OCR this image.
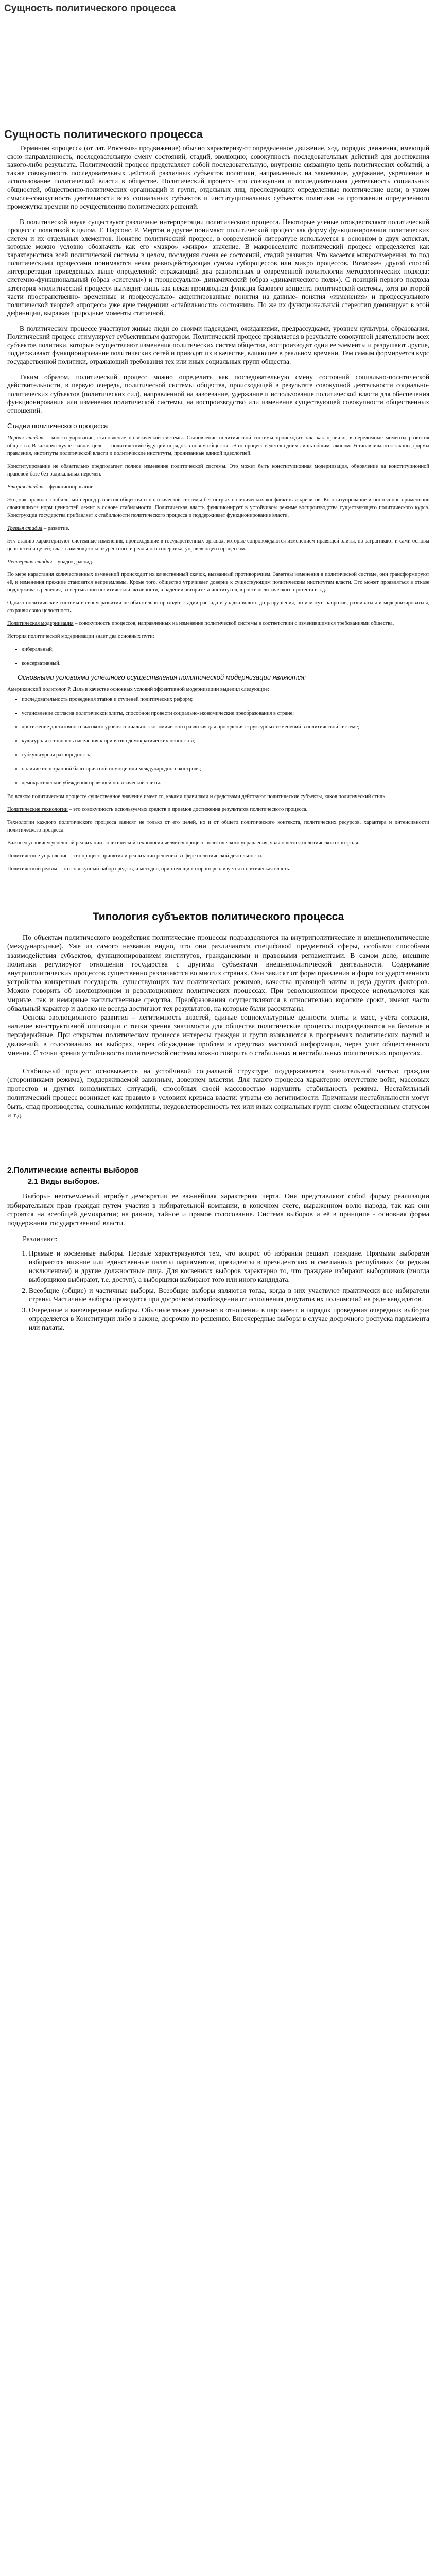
Сущность политического процесса
Сущность политического процесса

Термином «процесс» (от лат. Processus- продвижение) обычно характеризуют определенное движение, ход, порядок движения, имеющий свою направленность, последовательную смену состояний, стадий, эволюцию; совокупность последовательных действий для достижения какого-либо результата. Политический процесс представляет собой последовательную, внутренне связанную цепь политических событий, а также совокупность последовательных действий различных субъектов политики, направленных на завоевание, удержание, укрепление и использование политической власти в обществе. Политический процесс- это совокупная и последовательная деятельность социальных общностей, общественно-политических организаций и групп, отдельных лиц, преследующих определенные политические цели; в узком смысле-совокупность деятельности всех социальных субъектов и институциональных субъектов политики на протяжении определенного промежутка времени по осуществлению политических решений.

В политической науке существуют различные интерпретации политического процесса. Некоторые ученые отождествляют политический процесс с политикой в целом. Т. Парсонс, Р. Мертон и другие понимают политический процесс как форму функционирования политических систем и их отдельных элементов. Понятие политический процесс, в современной литературе используется в основном в двух аспектах, которые можно условно обозначить как его «макро» «микро» значение. В макровселенте политический процесс определяется как характеристика всей политической системы в целом, последняя смена ее состояний, стадий развития. Что касается микроизмерения, то под политическими процессами понимаются некая равнодействующая суммы субпроцессов или микро процессов. Возможен другой способ интерпретации приведенных выше определений: отражающий два разнотипных в современной политологии методологических подхода: системно-функциональный (образ «системы») и процессуально- динамический (образ «динамического поля»). С позиций первого подхода категория «политический процесс» выглядит лишь как некая производная функция базового концепта политической системы, хотя во второй части пространственно- временные и процессуально- акцентированные понятия на данные- понятия «изменения» и процессуального политической теорией «процесс» уже ярче тенденции «стабильности» состоянии». По же их функциональный стереотип доминирует в этой дефиниции, выражая природные моменты статичной.

В политическом процессе участвуют живые люди со своими надеждами, ожиданиями, предрассудками, уровнем культуры, образования. Политический процесс стимулирует субъективным фактором. Политический процесс проявляется в результате совокупной деятельности всех субъектов политики, которые осуществляют изменения политических систем общества, воспроизводят одни ее элементы и разрушают другие, поддерживают функционирование политических сетей и приводят их в качестве, влияющее в реальном времени. Тем самым формируется курс государственной политики, отражающий требования тех или иных социальных групп общества.

Таким образом, политический процесс можно определить как последовательную смену состояний социально-политической действительности, в первую очередь, политической системы общества, происходящей в результате совокупной деятельности социально-политических субъектов (политических сил), направленной на завоевание, удержание и использование политической власти для обеспечения функционирования или изменения политической системы, на воспроизводство или изменение существующей совокупности общественных отношений.

Стадии политического процесса

Первая стадия – конституирование, становление политической системы. Становление политической системы происходит так, как правило, в переломные моменты развития общества. В каждом случае главная цель — политический будущий порядок в новом обществе. Этот процесс ведется одним лишь общим законом: Устанавливаются законы, формы правления, институты политической власти и политические институты, пронизанные единой идеологией.

Конституирование не обязательно предполагает полное изменение политической системы. Это может быть конституционная модернизация, обновление на конституционной правовой базе без радикальных перемен.

Вторая стадия – функционирование.

Это, как правило, стабильный период развития общества и политической системы без острых политических конфликтов и кризисов. Конституирование и постоянное применение сложившихся норм ценностей лежит в основе стабильности. Политическая власть функционирует в устойчивом режиме воспроизводства существующего политического курса. Конструкция государства прибавляет к стабильности политического процесса и поддерживает функционирование власти.

Третья стадия – развитие.

Эту стадию характеризуют системные изменения, происходящие в государственных органах, которые сопровождаются изменением правящей элиты, но затрагивают и сами основы ценностей и целей; власть имеющего конкурентного и реального соперника, управляющего процессом...

Четвертая стадия – упадок, распад.

По мере нарастания количественных изменений происходит их качественный скачок, вызванный противоречием. Заметны изменения в политической системе, они трансформируют её, и изменения прежние становятся неприемлемы. Кроме того, общество утрачивает доверие к существующим политическим институтам власти. Это может проявляться в отказе поддерживать решения, в свёртывании политической активности, в падении авторитета институтов, в росте политического протеста и т.д.

Однако политические системы в своем развитии не обязательно проходят стадии распада и упадка вплоть до разрушения, но и могут, напротив, развиваться и модернизироваться, сохраняя свою целостность.

Политическая модернизация – совокупность процессов, направленных на изменение политической системы в соответствии с изменившимися требованиями общества.

История политической модернизации знает два основных пути:

• либеральный;
• консервативный.
Основными условиями успешного осуществления политической модернизации являются:
Американский политолог Р. Даль в качестве основных условий эффективной модернизации выделил следующие:
• последовательность проведения этапов и ступеней политических реформ;
• установление согласия политической элиты, способной провести социально-экономические преобразования в стране;
• достижение достаточного высокого уровня социально-экономического развития для проведения структурных изменений в политической системе;
• культурная готовность населения к принятию демократических ценностей;
• субкультурная разнородность;
• наличие иностранной благоприятной помощи или международного контроля;
• демократические убеждения правящей политической элиты.

Во всяком политическом процессе существенное значение имеет то, каками правилами и средствами действуют политические субъекты, каков политический стиль.

Политические технологии – это совокупность используемых средств и приемов достижения результатов политического процесса.

Технологии каждого политического процесса зависят не только от его целей, но и от общего политического контекста, политических ресурсов, характера и интенсивности политического процесса.

Важным условием успешной реализации политической технологии является процесс политического управления, являющегося политического контроля.

Политическое управление – это процесс принятия и реализации решений в сфере политической деятельности.

Политический режим – это совокупный набор средств, и методов, при помощи которого реализуется политическая власть.

Типология субъектов политического процесса

По объектам политического воздействия политические процессы подразделяются на внутриполитические и внешнеполитические (международные). Уже из самого названия видно, что они различаются спецификой предметной сферы, особыми способами взаимодействия субъектов, функционированием институтов, гражданскими и правовыми регламентами. В самом деле, внешние политики регулируют отношения государства с другими субъектами внешнеполитической деятельности. Содержание внутриполитических процессов существенно различаются во многих странах. Они зависят от форм правления и форм государственного устройства конкретных государств, существующих там политических режимов, качества правящей элиты и ряда других факторов. Можно говорить об эволюционном и революционном политических процессах. При революционном процессе используются как мирные, так и немирные насильственные средства. Преобразования осуществляются в относительно короткие сроки, имеют часто обвальный характер и далеко не всегда достигают тех результатов, на которые были рассчитаны.

Основа эволюционного развития – легитимность властей, единые социокультурные ценности элиты и масс, учёта согласия, наличие конструктивной оппозиции с точки зрения значимости для общества политические процессы подразделяются на базовые и периферийные. При открытом политическом процессе интересы граждан и групп выявляются в программах политических партий и движений, в голосованиях на выборах, через обсуждение проблем в средствах массовой информации, через учет общественного мнения. С точки зрения устойчивости политической системы можно говорить о стабильных и нестабильных политических процессах.

Стабильный процесс основывается на устойчивой социальной структуре, поддерживается значительной частью граждан (сторонниками режима), поддерживаемой законным, доверием властям. Для такого процесса характерно отсутствие войн, массовых протестов и других конфликтных ситуаций, способных своей массовостью нарушить стабильность режима. Нестабильный политический процесс возникает как правило в условиях кризиса власти: утраты ею легитимности. Причинами нестабильности могут быть, спад производства, социальные конфликты, неудовлетворенность тех или иных социальных групп своим общественным статусом и т.д.

2.Политические аспекты выборов
2.1 Виды выборов.

Выборы- неотъемлемый атрибут демократии ее важнейшая характерная черта. Они представляют собой форму реализации избирательных прав граждан путем участия в избирательной компании, в конечном счете, выраженном волю народа, так как они строятся на всеобщей демократии; на равное, тайное и прямое голосование. Система выборов и её в принципе - основная форма поддержания государственной власти.

Различают:

1. Прямые и косвенные выборы. Первые характеризуются тем, что вопрос об избрании решают граждане. Прямыми выборами избираются нижние или единственные палаты парламентов, президенты в президентских и смешанных республиках (за редким исключением) и другие должностные лица. Для косвенных выборов характерно то, что граждане избирают выборщиков (иногда выборщиков выбирают, т.е. доступ), а выборщики выбирают того или иного кандидата.
2. Всеобщие (общие) и частичные выборы. Всеобщие выборы являются тогда, когда в них участвуют практически все избиратели страны. Частичные выборы проводятся при досрочном освобождении от исполнения депутатов их полномочий на ряде кандидатов.
3. Очередные и внеочередные выборы. Обычные также денежно в отношении в парламент и порядок проведения очередных выборов определяется в Конституции либо в законе, досрочно по решению. Внеочередные выборы в случае досрочного роспуска парламента или палаты.
